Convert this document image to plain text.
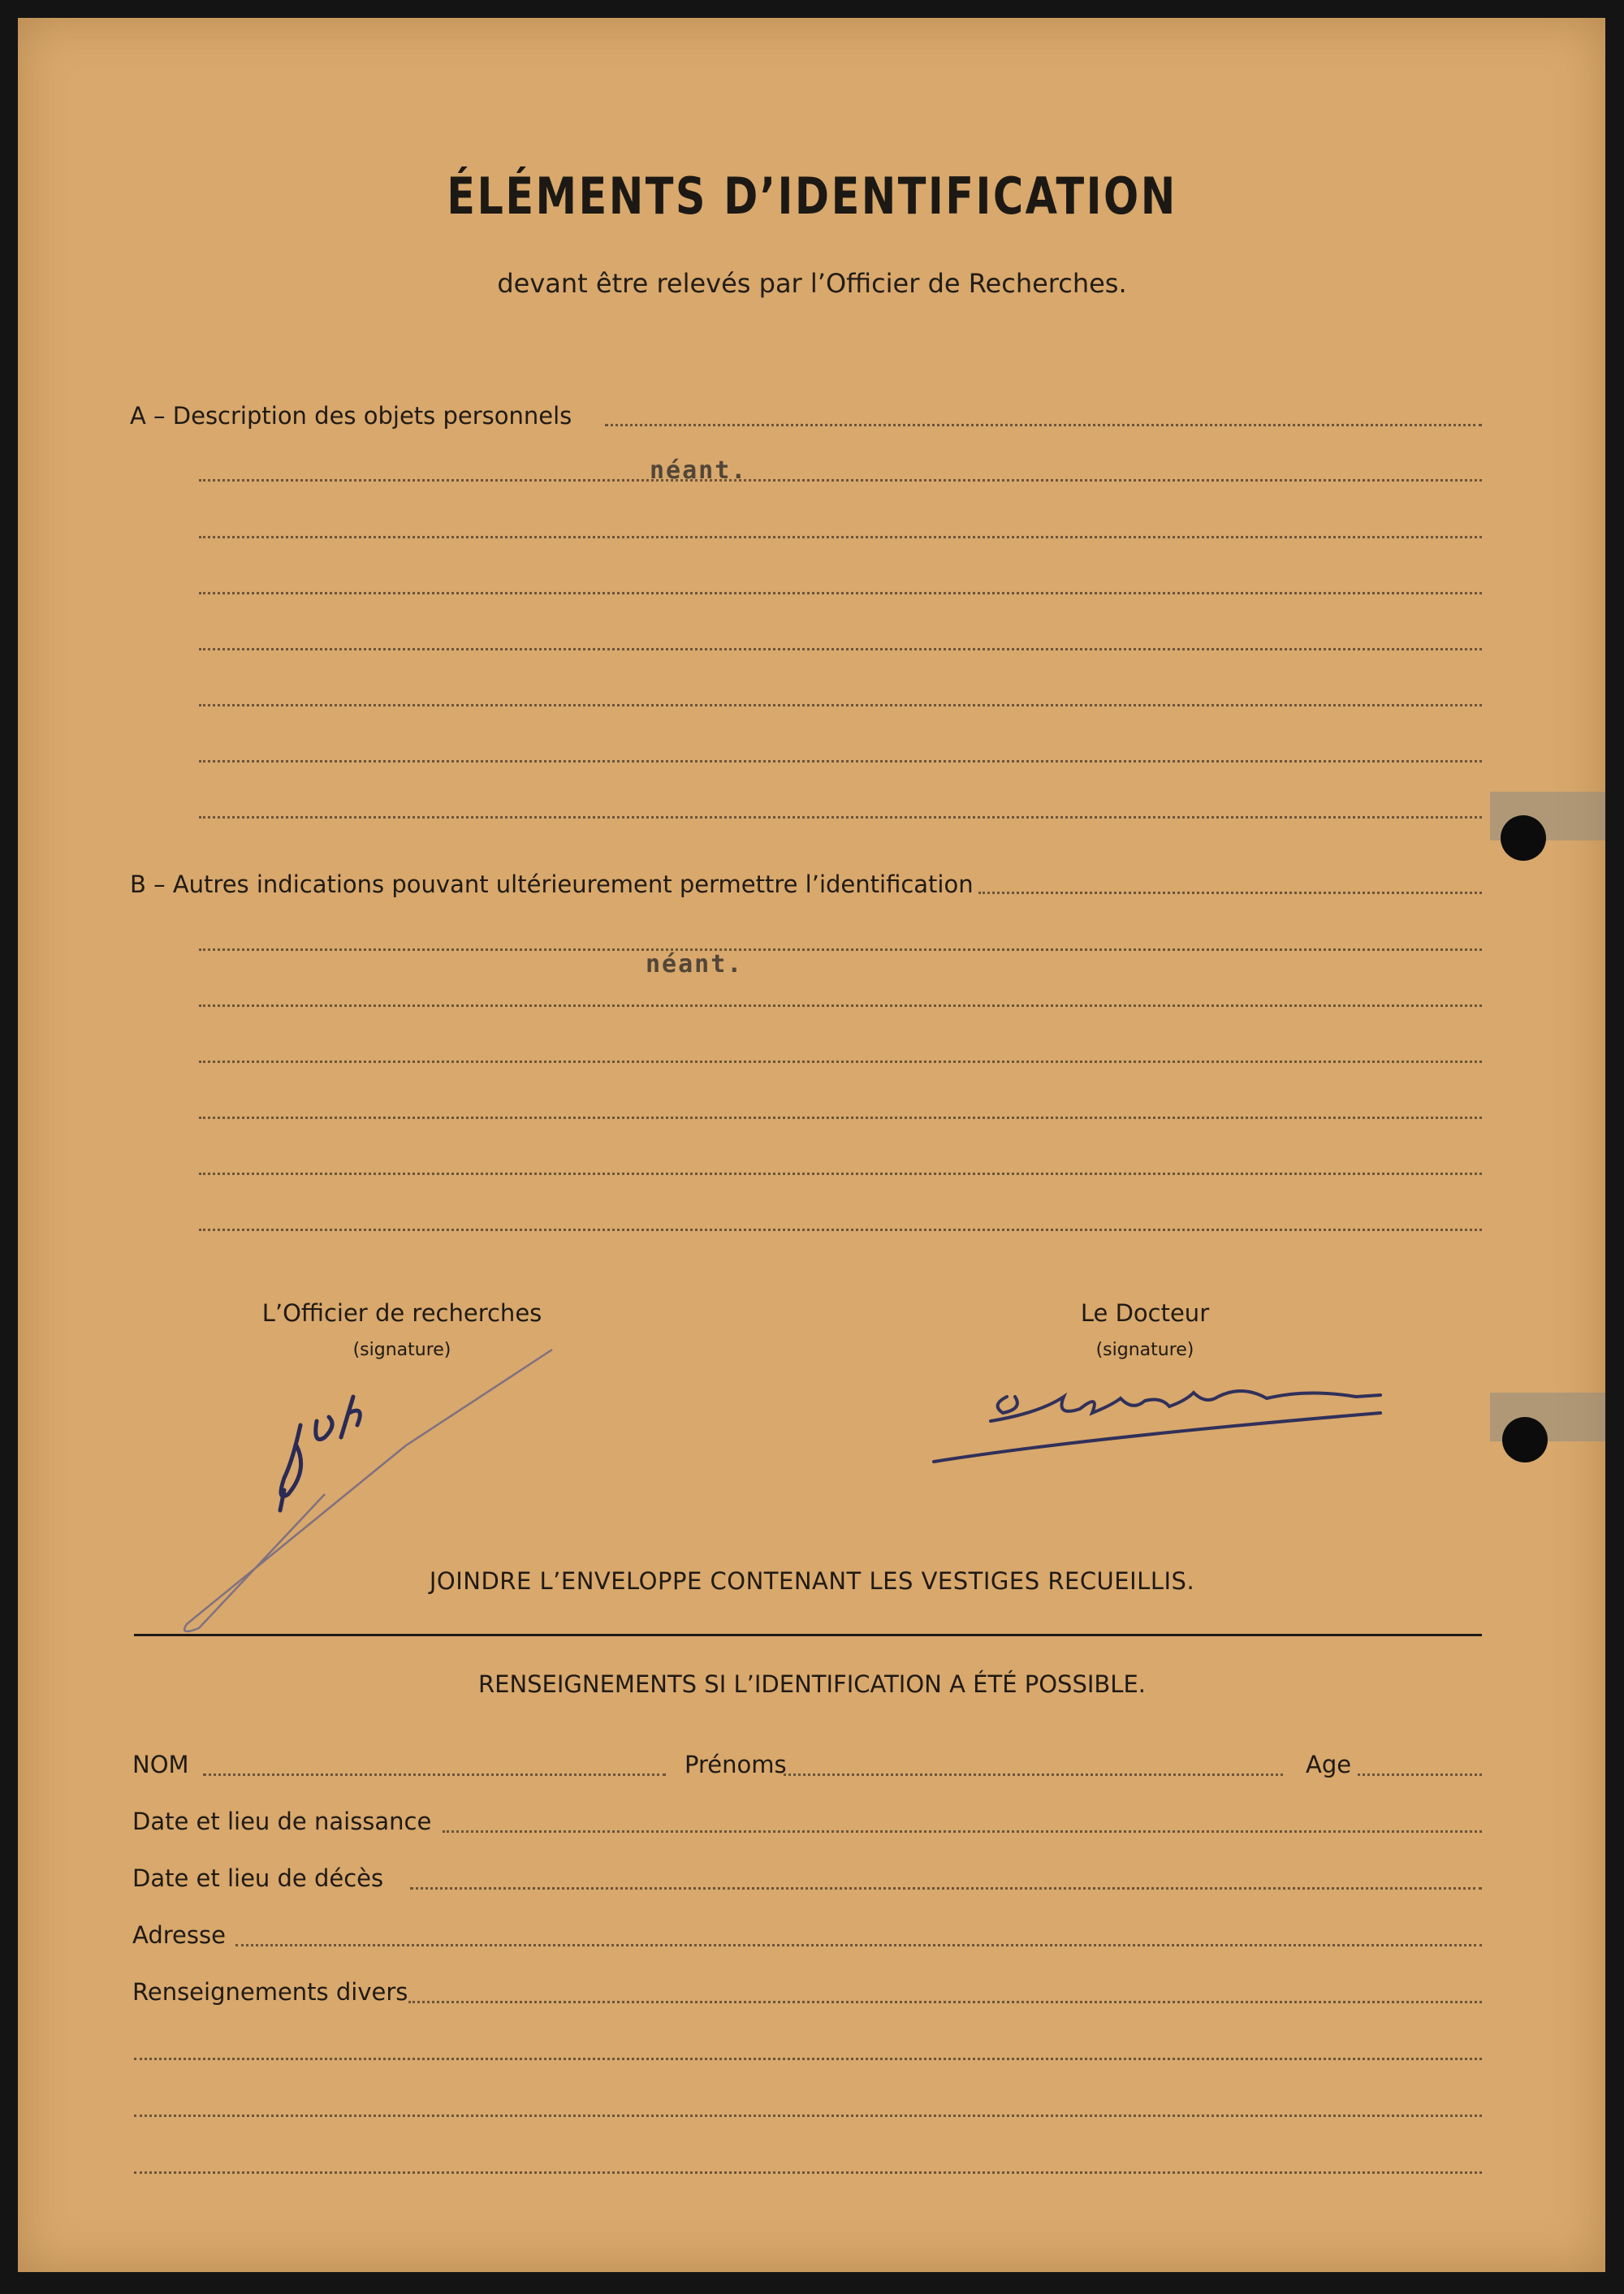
ÉLÉMENTS D’IDENTIFICATION
devant être relevés par l’Officier de Recherches.
A – Description des objets personnels
néant.
B – Autres indications pouvant ultérieurement permettre l’identification
néant.
L’Officier de recherches
(signature)
Le Docteur
(signature)
JOINDRE L’ENVELOPPE CONTENANT LES VESTIGES RECUEILLIS.
RENSEIGNEMENTS SI L’IDENTIFICATION A ÉTÉ POSSIBLE.
NOM	Prénoms	Age
Date et lieu de naissance
Date et lieu de décès
Adresse
Renseignements divers
